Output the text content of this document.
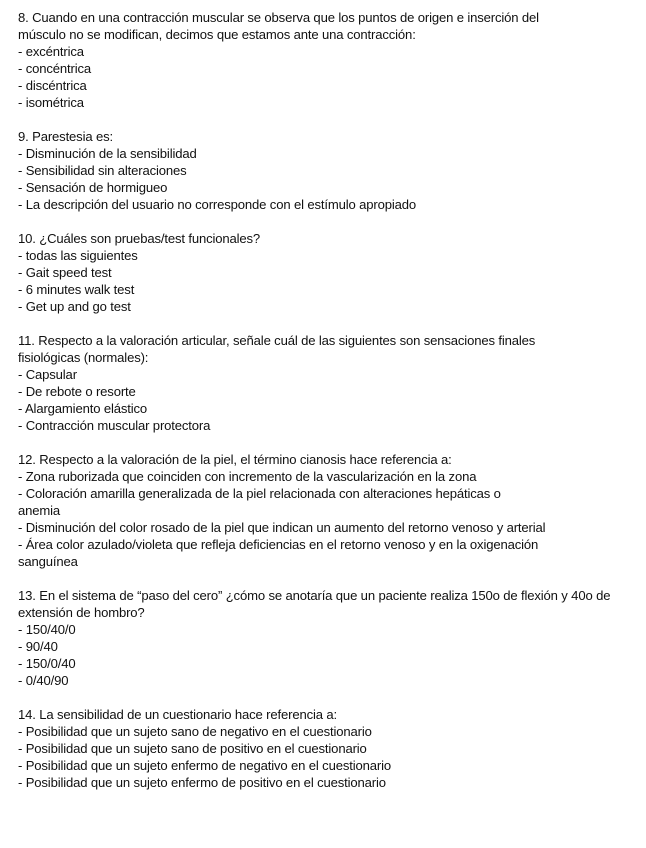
8. Cuando en una contracción muscular se observa que los puntos de origen e inserción del músculo no se modifican, decimos que estamos ante una contracción:
- excéntrica
- concéntrica
- discéntrica
- isométrica
9. Parestesia es:
- Disminución de la sensibilidad
- Sensibilidad sin alteraciones
- Sensación de hormigueo
- La descripción del usuario no corresponde con el estímulo apropiado
10. ¿Cuáles son pruebas/test funcionales?
- todas las siguientes
- Gait speed test
- 6 minutes walk test
- Get up and go test
11. Respecto a la valoración articular, señale cuál de las siguientes son sensaciones finales fisiológicas (normales):
- Capsular
- De rebote o resorte
- Alargamiento elástico
- Contracción muscular protectora
12. Respecto a la valoración de la piel, el término cianosis hace referencia a:
- Zona ruborizada que coinciden con incremento de la vascularización en la zona
- Coloración amarilla generalizada de la piel relacionada con alteraciones hepáticas o anemia
- Disminución del color rosado de la piel que indican un aumento del retorno venoso y arterial
- Área color azulado/violeta que refleja deficiencias en el retorno venoso y en la oxigenación sanguínea
13. En el sistema de “paso del cero” ¿cómo se anotaría que un paciente realiza 150o de flexión y 40o de extensión de hombro?
- 150/40/0
- 90/40
- 150/0/40
- 0/40/90
14. La sensibilidad de un cuestionario hace referencia a:
- Posibilidad que un sujeto sano de negativo en el cuestionario
- Posibilidad que un sujeto sano de positivo en el cuestionario
- Posibilidad que un sujeto enfermo de negativo en el cuestionario
- Posibilidad que un sujeto enfermo de positivo en el cuestionario
